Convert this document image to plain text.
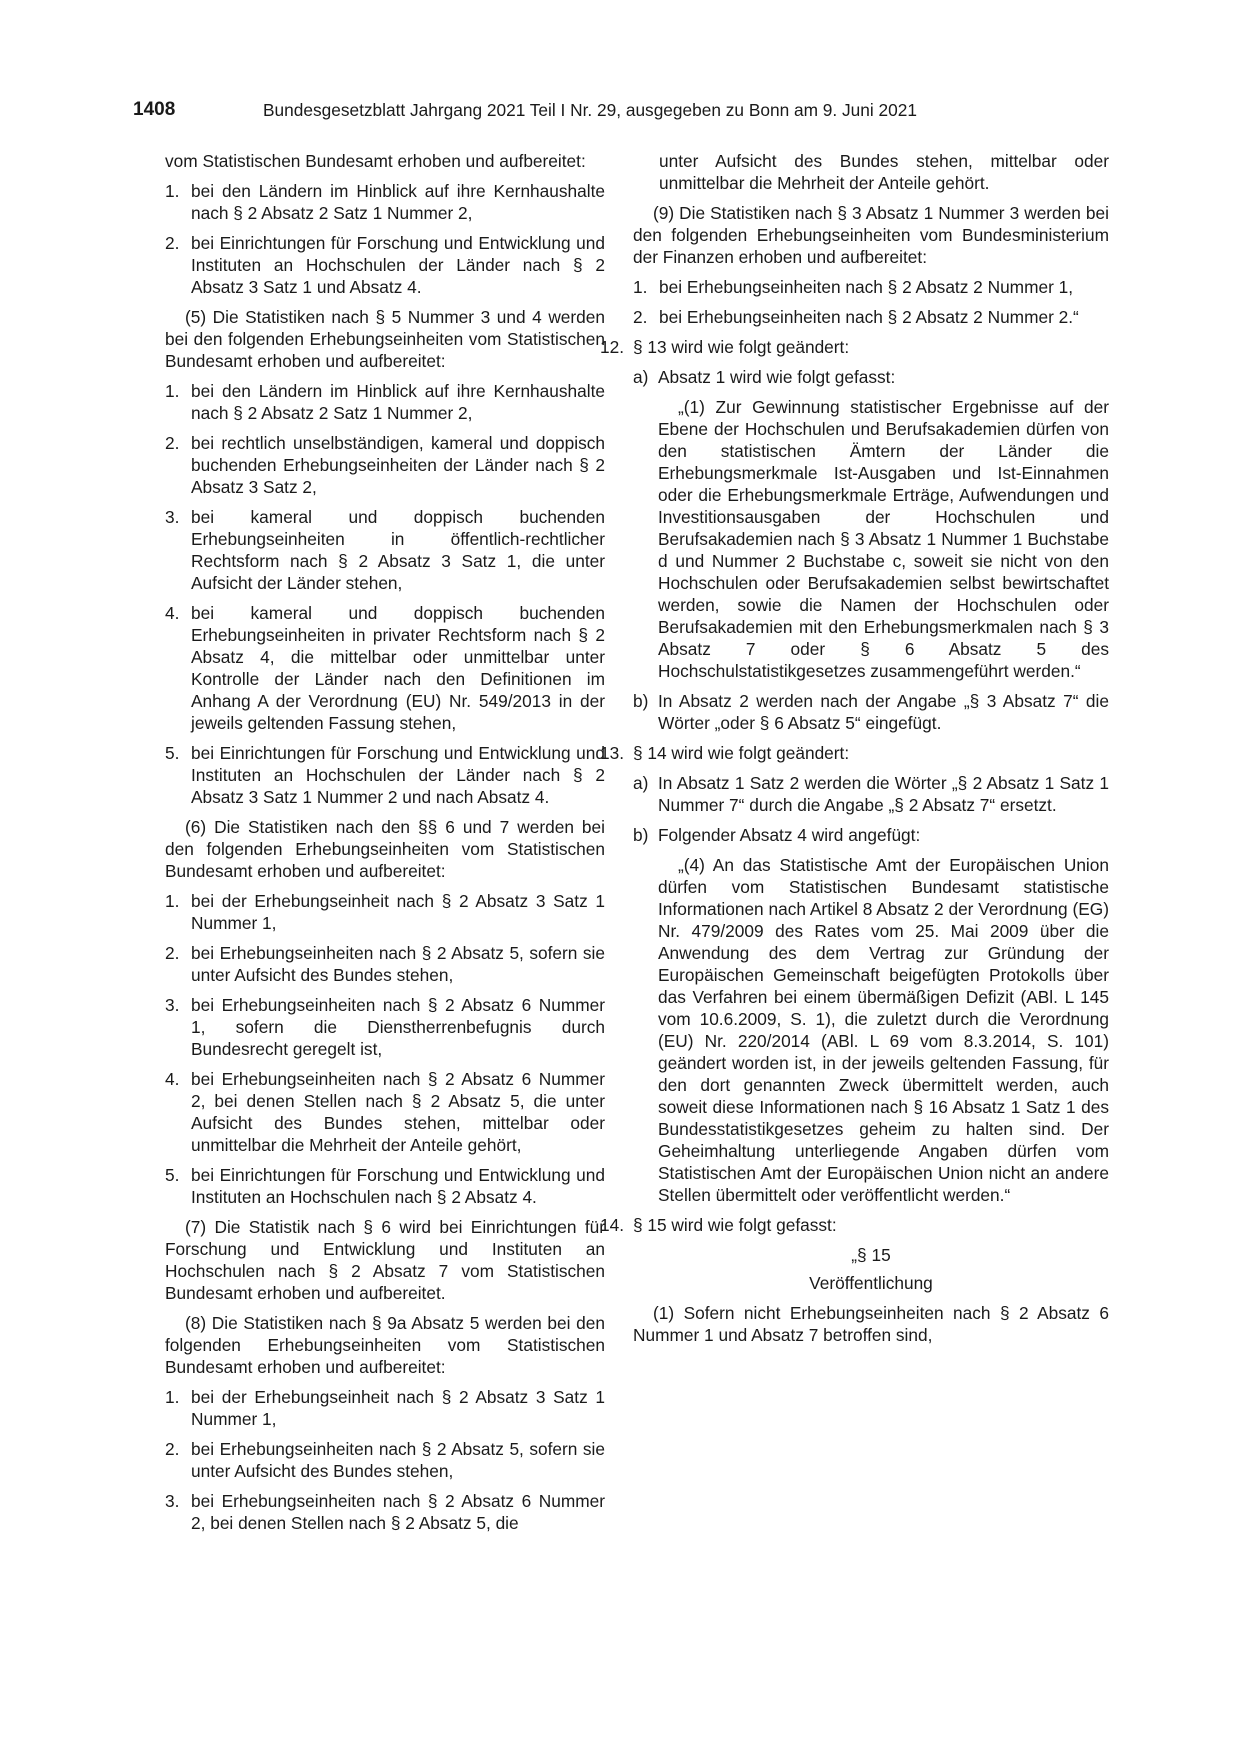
1408	Bundesgesetzblatt Jahrgang 2021 Teil I Nr. 29, ausgegeben zu Bonn am 9. Juni 2021

vom Statistischen Bundesamt erhoben und aufbereitet:

1. bei den Ländern im Hinblick auf ihre Kernhaushalte nach § 2 Absatz 2 Satz 1 Nummer 2,
2. bei Einrichtungen für Forschung und Entwicklung und Instituten an Hochschulen der Länder nach § 2 Absatz 3 Satz 1 und Absatz 4.

(5) Die Statistiken nach § 5 Nummer 3 und 4 werden bei den folgenden Erhebungseinheiten vom Statistischen Bundesamt erhoben und aufbereitet:

1. bei den Ländern im Hinblick auf ihre Kernhaushalte nach § 2 Absatz 2 Satz 1 Nummer 2,
2. bei rechtlich unselbständigen, kameral und doppisch buchenden Erhebungseinheiten der Länder nach § 2 Absatz 3 Satz 2,
3. bei kameral und doppisch buchenden Erhebungseinheiten in öffentlich-rechtlicher Rechtsform nach § 2 Absatz 3 Satz 1, die unter Aufsicht der Länder stehen,
4. bei kameral und doppisch buchenden Erhebungseinheiten in privater Rechtsform nach § 2 Absatz 4, die mittelbar oder unmittelbar unter Kontrolle der Länder nach den Definitionen im Anhang A der Verordnung (EU) Nr. 549/2013 in der jeweils geltenden Fassung stehen,
5. bei Einrichtungen für Forschung und Entwicklung und Instituten an Hochschulen der Länder nach § 2 Absatz 3 Satz 1 Nummer 2 und nach Absatz 4.

(6) Die Statistiken nach den §§ 6 und 7 werden bei den folgenden Erhebungseinheiten vom Statistischen Bundesamt erhoben und aufbereitet:

1. bei der Erhebungseinheit nach § 2 Absatz 3 Satz 1 Nummer 1,
2. bei Erhebungseinheiten nach § 2 Absatz 5, sofern sie unter Aufsicht des Bundes stehen,
3. bei Erhebungseinheiten nach § 2 Absatz 6 Nummer 1, sofern die Dienstherrenbefugnis durch Bundesrecht geregelt ist,
4. bei Erhebungseinheiten nach § 2 Absatz 6 Nummer 2, bei denen Stellen nach § 2 Absatz 5, die unter Aufsicht des Bundes stehen, mittelbar oder unmittelbar die Mehrheit der Anteile gehört,
5. bei Einrichtungen für Forschung und Entwicklung und Instituten an Hochschulen nach § 2 Absatz 4.

(7) Die Statistik nach § 6 wird bei Einrichtungen für Forschung und Entwicklung und Instituten an Hochschulen nach § 2 Absatz 7 vom Statistischen Bundesamt erhoben und aufbereitet.

(8) Die Statistiken nach § 9a Absatz 5 werden bei den folgenden Erhebungseinheiten vom Statistischen Bundesamt erhoben und aufbereitet:

1. bei der Erhebungseinheit nach § 2 Absatz 3 Satz 1 Nummer 1,
2. bei Erhebungseinheiten nach § 2 Absatz 5, sofern sie unter Aufsicht des Bundes stehen,
3. bei Erhebungseinheiten nach § 2 Absatz 6 Nummer 2, bei denen Stellen nach § 2 Absatz 5, die
unter Aufsicht des Bundes stehen, mittelbar oder unmittelbar die Mehrheit der Anteile gehört.

(9) Die Statistiken nach § 3 Absatz 1 Nummer 3 werden bei den folgenden Erhebungseinheiten vom Bundesministerium der Finanzen erhoben und aufbereitet:

1. bei Erhebungseinheiten nach § 2 Absatz 2 Nummer 1,
2. bei Erhebungseinheiten nach § 2 Absatz 2 Nummer 2.“
12. § 13 wird wie folgt geändert:
a) Absatz 1 wird wie folgt gefasst:

„(1) Zur Gewinnung statistischer Ergebnisse auf der Ebene der Hochschulen und Berufsakademien dürfen von den statistischen Ämtern der Länder die Erhebungsmerkmale Ist-Ausgaben und Ist-Einnahmen oder die Erhebungsmerkmale Erträge, Aufwendungen und Investitionsausgaben der Hochschulen und Berufsakademien nach § 3 Absatz 1 Nummer 1 Buchstabe d und Nummer 2 Buchstabe c, soweit sie nicht von den Hochschulen oder Berufsakademien selbst bewirtschaftet werden, sowie die Namen der Hochschulen oder Berufsakademien mit den Erhebungsmerkmalen nach § 3 Absatz 7 oder § 6 Absatz 5 des Hochschulstatistikgesetzes zusammengeführt werden.“

b) In Absatz 2 werden nach der Angabe „§ 3 Absatz 7“ die Wörter „oder § 6 Absatz 5“ eingefügt.
13. § 14 wird wie folgt geändert:
a) In Absatz 1 Satz 2 werden die Wörter „§ 2 Absatz 1 Satz 1 Nummer 7“ durch die Angabe „§ 2 Absatz 7“ ersetzt.
b) Folgender Absatz 4 wird angefügt:

„(4) An das Statistische Amt der Europäischen Union dürfen vom Statistischen Bundesamt statistische Informationen nach Artikel 8 Absatz 2 der Verordnung (EG) Nr. 479/2009 des Rates vom 25. Mai 2009 über die Anwendung des dem Vertrag zur Gründung der Europäischen Gemeinschaft beigefügten Protokolls über das Verfahren bei einem übermäßigen Defizit (ABl. L 145 vom 10.6.2009, S. 1), die zuletzt durch die Verordnung (EU) Nr. 220/2014 (ABl. L 69 vom 8.3.2014, S. 101) geändert worden ist, in der jeweils geltenden Fassung, für den dort genannten Zweck übermittelt werden, auch soweit diese Informationen nach § 16 Absatz 1 Satz 1 des Bundesstatistikgesetzes geheim zu halten sind. Der Geheimhaltung unterliegende Angaben dürfen vom Statistischen Amt der Europäischen Union nicht an andere Stellen übermittelt oder veröffentlicht werden.“

14. § 15 wird wie folgt gefasst:

„§ 15

Veröffentlichung

(1) Sofern nicht Erhebungseinheiten nach § 2 Absatz 6 Nummer 1 und Absatz 7 betroffen sind,
